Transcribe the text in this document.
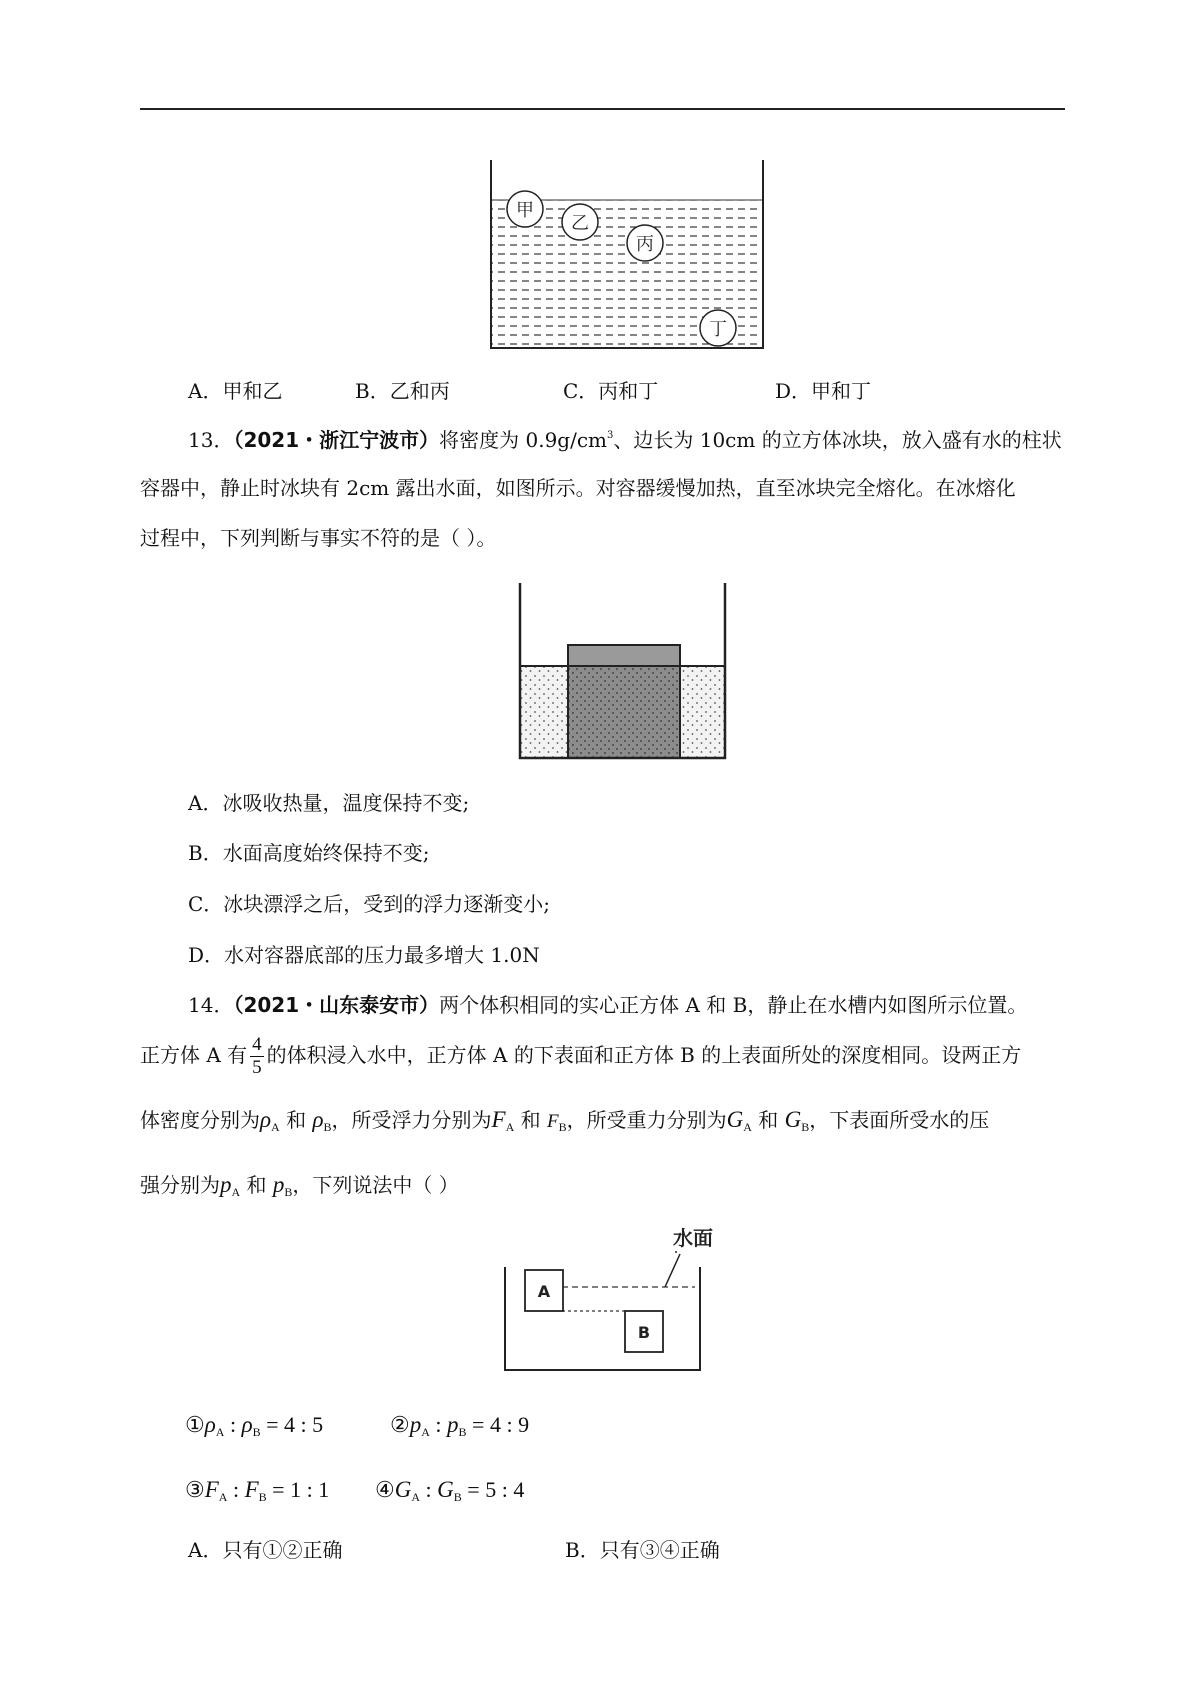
甲
乙
丙
丁
A．甲和乙	B．乙和丙	C．丙和丁	D．甲和丁
13．（2021・浙江宁波市）将密度为 $0.9g/cm^3$、边长为 10cm 的立方体冰块，放入盛有水的柱状
容器中，静止时冰块有 2cm 露出水面，如图所示。对容器缓慢加热，直至冰块完全熔化。在冰熔化
过程中，下列判断与事实不符的是（ ）。
A．冰吸收热量，温度保持不变;
B．水面高度始终保持不变;
C．冰块漂浮之后，受到的浮力逐渐变小;
D．水对容器底部的压力最多增大 1.0N
14．（2021・山东泰安市）两个体积相同的实心正方体 A 和 B，静止在水槽内如图所示位置。
正方体 A 有 $\frac{4}{5}$ 的体积浸入水中，正方体 A 的下表面和正方体 B 的上表面所处的深度相同。设两正方
体密度分别为$\rho_A$ 和 $\rho_B$，所受浮力分别为$F_A$ 和 $F_B$，所受重力分别为$G_A$ 和 $G_B$，下表面所受水的压
强分别为$p_A$ 和 $p_B$，下列说法中（ ）
水面
A
B
$①\rho_A$ : $\rho_B = 4$ : 5	$②p_A$ : $p_B = 4$ : 9
$③F_A$ : $F_B = 1$ : 1 $④G_A$ : $G_B = 5$ : 4
A．只有①②正确	B．只有③④正确
